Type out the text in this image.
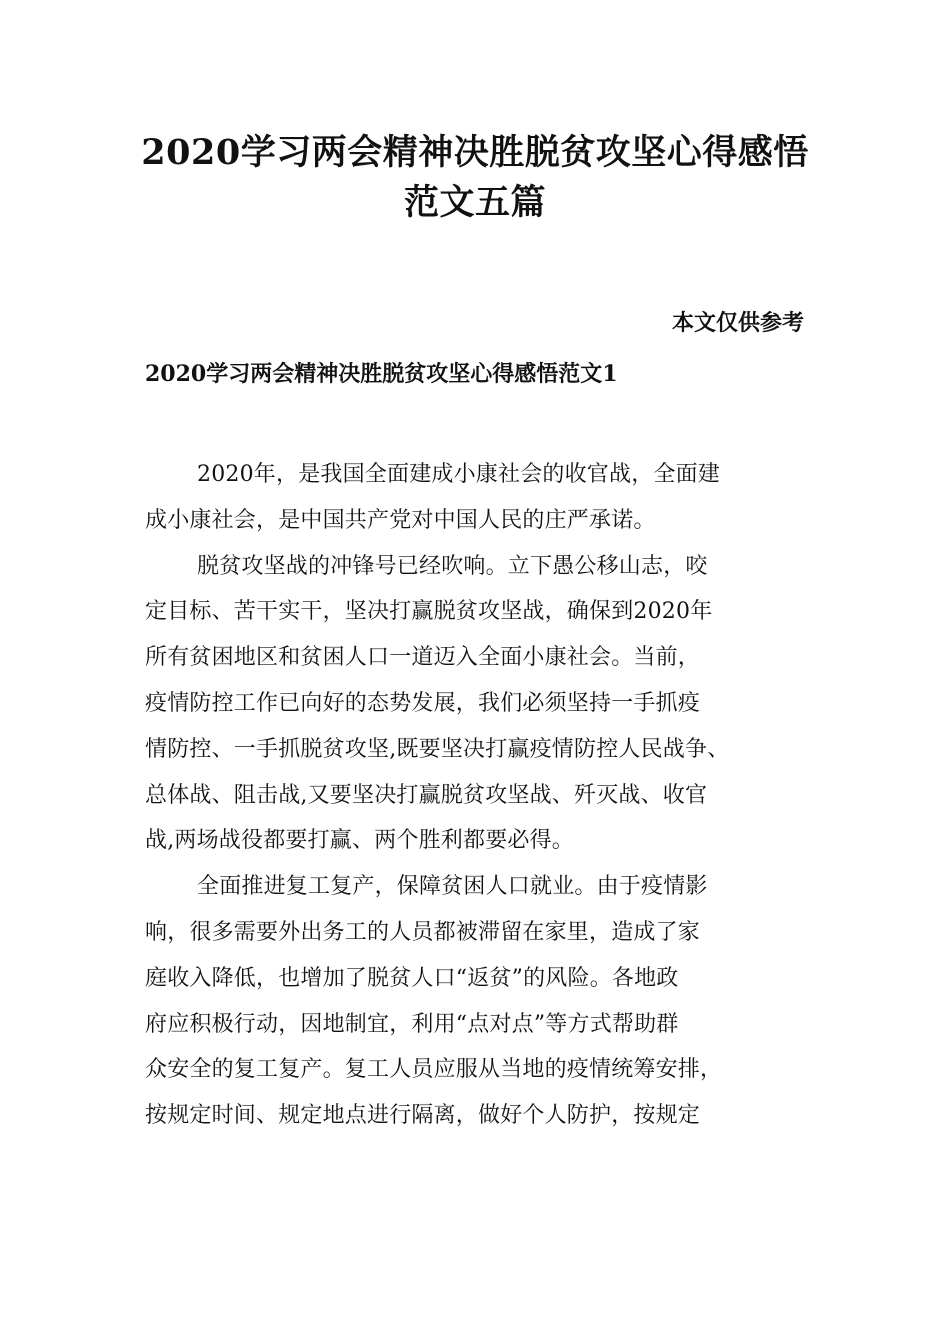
2020学习两会精神决胜脱贫攻坚心得感悟
范文五篇

本文仅供参考

2020学习两会精神决胜脱贫攻坚心得感悟范文1

2020年，是我国全面建成小康社会的收官战，全面建
成小康社会，是中国共产党对中国人民的庄严承诺。
脱贫攻坚战的冲锋号已经吹响。立下愚公移山志，咬
定目标、苦干实干，坚决打赢脱贫攻坚战，确保到2020年
所有贫困地区和贫困人口一道迈入全面小康社会。当前，
疫情防控工作已向好的态势发展，我们必须坚持一手抓疫
情防控、一手抓脱贫攻坚,既要坚决打赢疫情防控人民战争、
总体战、阻击战,又要坚决打赢脱贫攻坚战、歼灭战、收官
战,两场战役都要打赢、两个胜利都要必得。
全面推进复工复产，保障贫困人口就业。由于疫情影
响，很多需要外出务工的人员都被滞留在家里，造成了家
庭收入降低，也增加了脱贫人口“返贫”的风险。各地政
府应积极行动，因地制宜，利用“点对点”等方式帮助群
众安全的复工复产。复工人员应服从当地的疫情统筹安排，
按规定时间、规定地点进行隔离，做好个人防护，按规定
